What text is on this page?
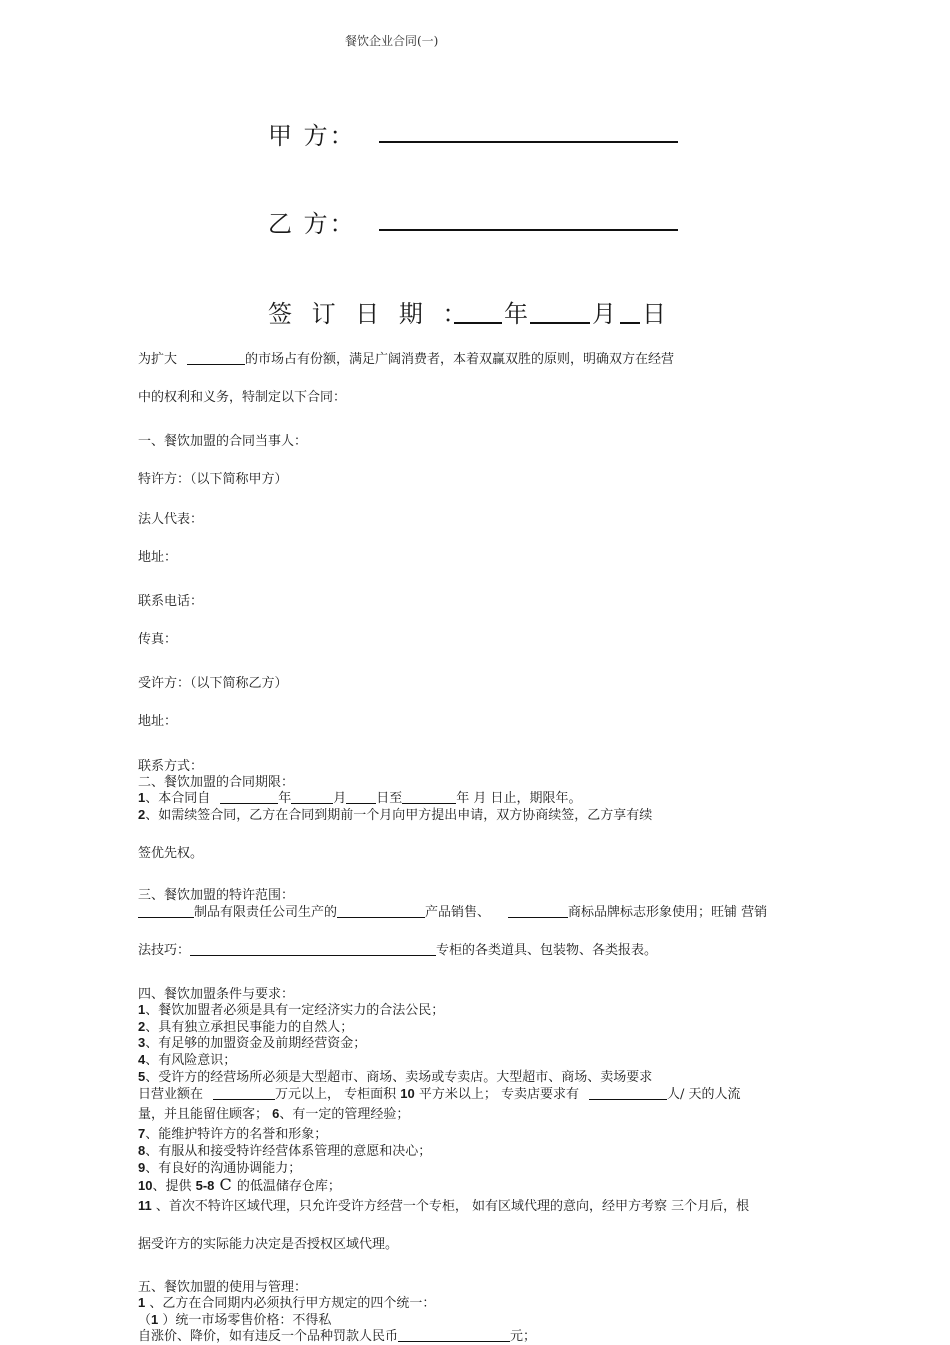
餐饮企业合同(一)
甲 方：
乙 方：
签 订 日 期 ： 年	月 日
为扩大	的市场占有份额，满足广阔消费者，本着双赢双胜的原则，明确双方在经营
中的权利和义务，特制定以下合同：
一、餐饮加盟的合同当事人：
特许方：（以下简称甲方）
法人代表：
地址：
联系电话：
传真：
受许方：（以下简称乙方）
地址：
联系方式：
二、餐饮加盟的合同期限：
1、本合同自	年	月 日至	年 月 日止，期限年。
2、如需续签合同，乙方在合同到期前一个月向甲方提出申请，双方协商续签，乙方享有续
签优先权。
三、餐饮加盟的特许范围：
制品有限责任公司生产的	产品销售、	商标品牌标志形象使用；旺铺 营销
法技巧：	专柜的各类道具、包装物、各类报表。
四、餐饮加盟条件与要求：
1、餐饮加盟者必须是具有一定经济实力的合法公民；
2、具有独立承担民事能力的自然人；
3、有足够的加盟资金及前期经营资金；
4、有风险意识；
5、受许方的经营场所必须是大型超市、商场、卖场或专卖店。大型超市、商场、卖场要求
日营业额在	万元以上， 专柜面积 10 平方米以上； 专卖店要求有	人/ 天的人流
量，并且能留住顾客； 6、有一定的管理经验；
7、能维护特许方的名誉和形象；
8、有服从和接受特许经营体系管理的意愿和决心；
9、有良好的沟通协调能力；
10、提供 5-8 C 的低温储存仓库；
11 、首次不特许区域代理，只允许受许方经营一个专柜， 如有区域代理的意向，经甲方考察 三个月后，根
据受许方的实际能力决定是否授权区域代理。
五、餐饮加盟的使用与管理：
1 、乙方在合同期内必须执行甲方规定的四个统一：
（1 ）统一市场零售价格：不得私
自涨价、降价，如有违反一个品种罚款人民币	元；
